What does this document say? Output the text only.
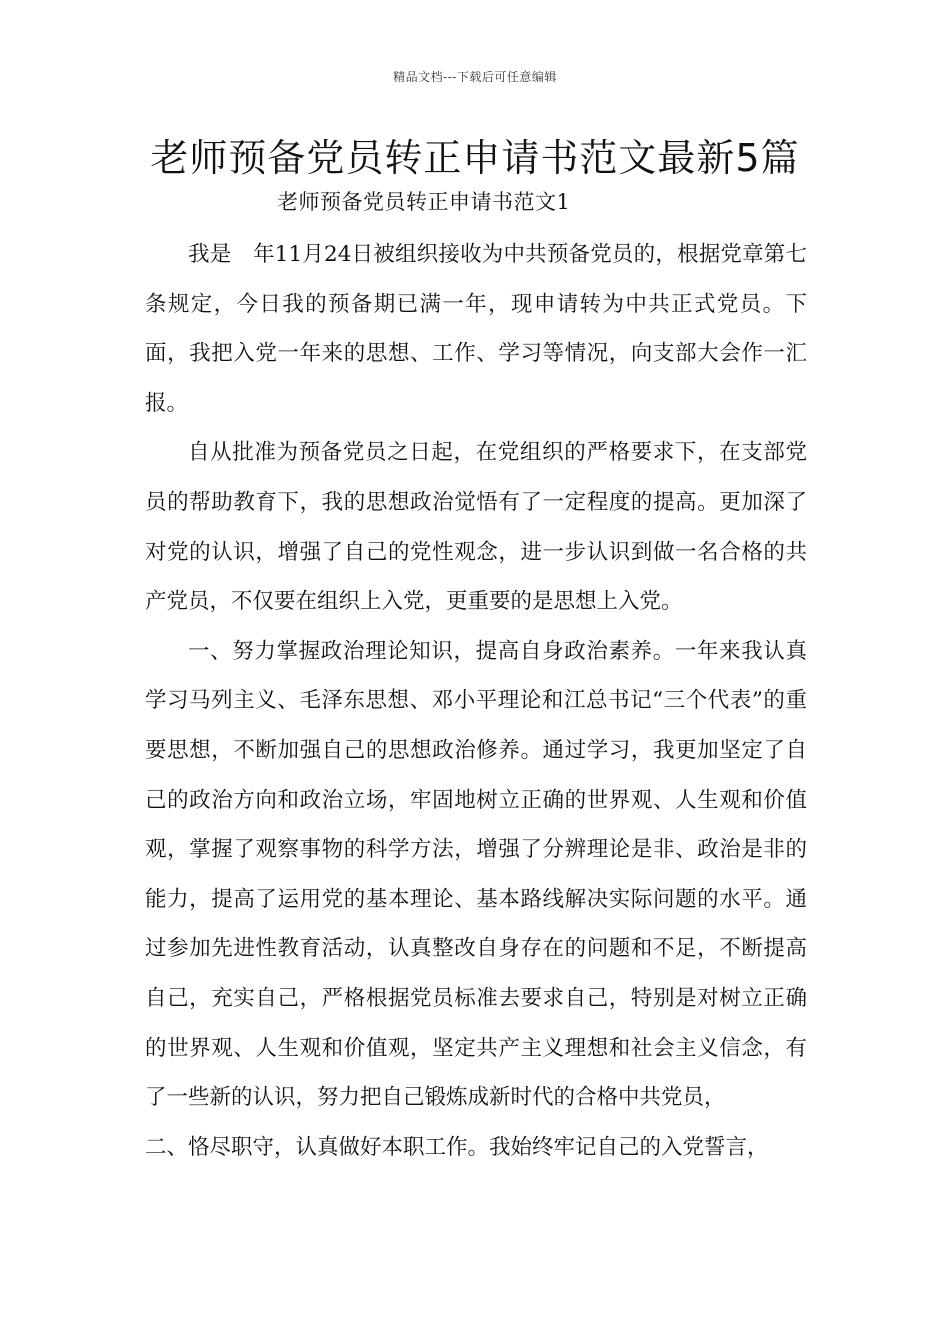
精品文档---下载后可任意编辑
老师预备党员转正申请书范文最新5篇
老师预备党员转正申请书范文1

我是　年11月24日被组织接收为中共预备党员的，根据党章第七条规定，今日我的预备期已满一年，现申请转为中共正式党员。下面，我把入党一年来的思想、工作、学习等情况，向支部大会作一汇报。

自从批准为预备党员之日起，在党组织的严格要求下，在支部党员的帮助教育下，我的思想政治觉悟有了一定程度的提高。更加深了对党的认识，增强了自己的党性观念，进一步认识到做一名合格的共产党员，不仅要在组织上入党，更重要的是思想上入党。

一、努力掌握政治理论知识，提高自身政治素养。一年来我认真学习马列主义、毛泽东思想、邓小平理论和江总书记“三个代表”的重要思想，不断加强自己的思想政治修养。通过学习，我更加坚定了自己的政治方向和政治立场，牢固地树立正确的世界观、人生观和价值观，掌握了观察事物的科学方法，增强了分辨理论是非、政治是非的能力，提高了运用党的基本理论、基本路线解决实际问题的水平。通过参加先进性教育活动，认真整改自身存在的问题和不足，不断提高自己，充实自己，严格根据党员标准去要求自己，特别是对树立正确的世界观、人生观和价值观，坚定共产主义理想和社会主义信念，有了一些新的认识，努力把自己锻炼成新时代的合格中共党员，

二、恪尽职守，认真做好本职工作。我始终牢记自己的入党誓言，
